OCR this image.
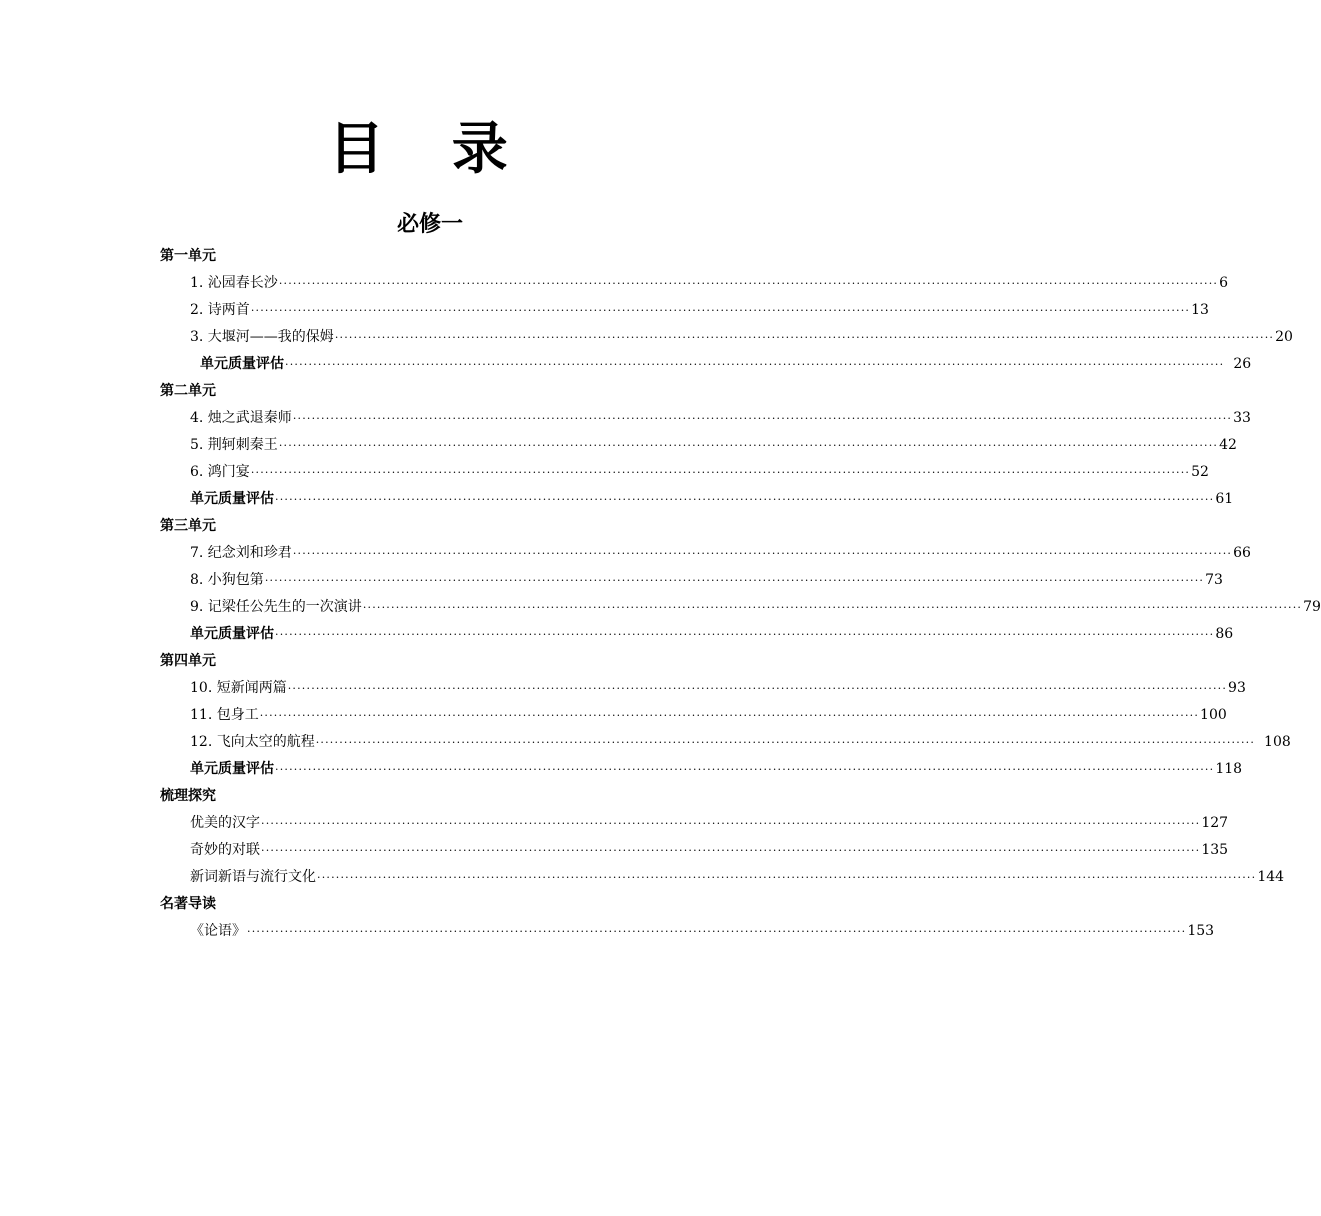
目 录
必修一
第一单元
1. 沁园春长沙 ········································································································································································································ 6
2. 诗两首 ········································································································································································································ 13
3. 大堰河——我的保姆 ········································································································································································································ 20
单元质量评估 ········································································································································································································ 26
第二单元
4. 烛之武退秦师 ········································································································································································································ 33
5. 荆轲刺秦王 ········································································································································································································ 42
6. 鸿门宴 ········································································································································································································ 52
单元质量评估 ········································································································································································································ 61
第三单元
7. 纪念刘和珍君 ········································································································································································································ 66
8. 小狗包第 ········································································································································································································ 73
9. 记梁任公先生的一次演讲 ········································································································································································································ 79
单元质量评估 ········································································································································································································ 86
第四单元
10. 短新闻两篇 ········································································································································································································ 93
11. 包身工 ········································································································································································································ 100
12. 飞向太空的航程 ········································································································································································································ 108
单元质量评估 ········································································································································································································ 118
梳理探究
优美的汉字 ········································································································································································································ 127
奇妙的对联 ········································································································································································································ 135
新词新语与流行文化 ········································································································································································································ 144
名著导读
《论语》 ········································································································································································································ 153
